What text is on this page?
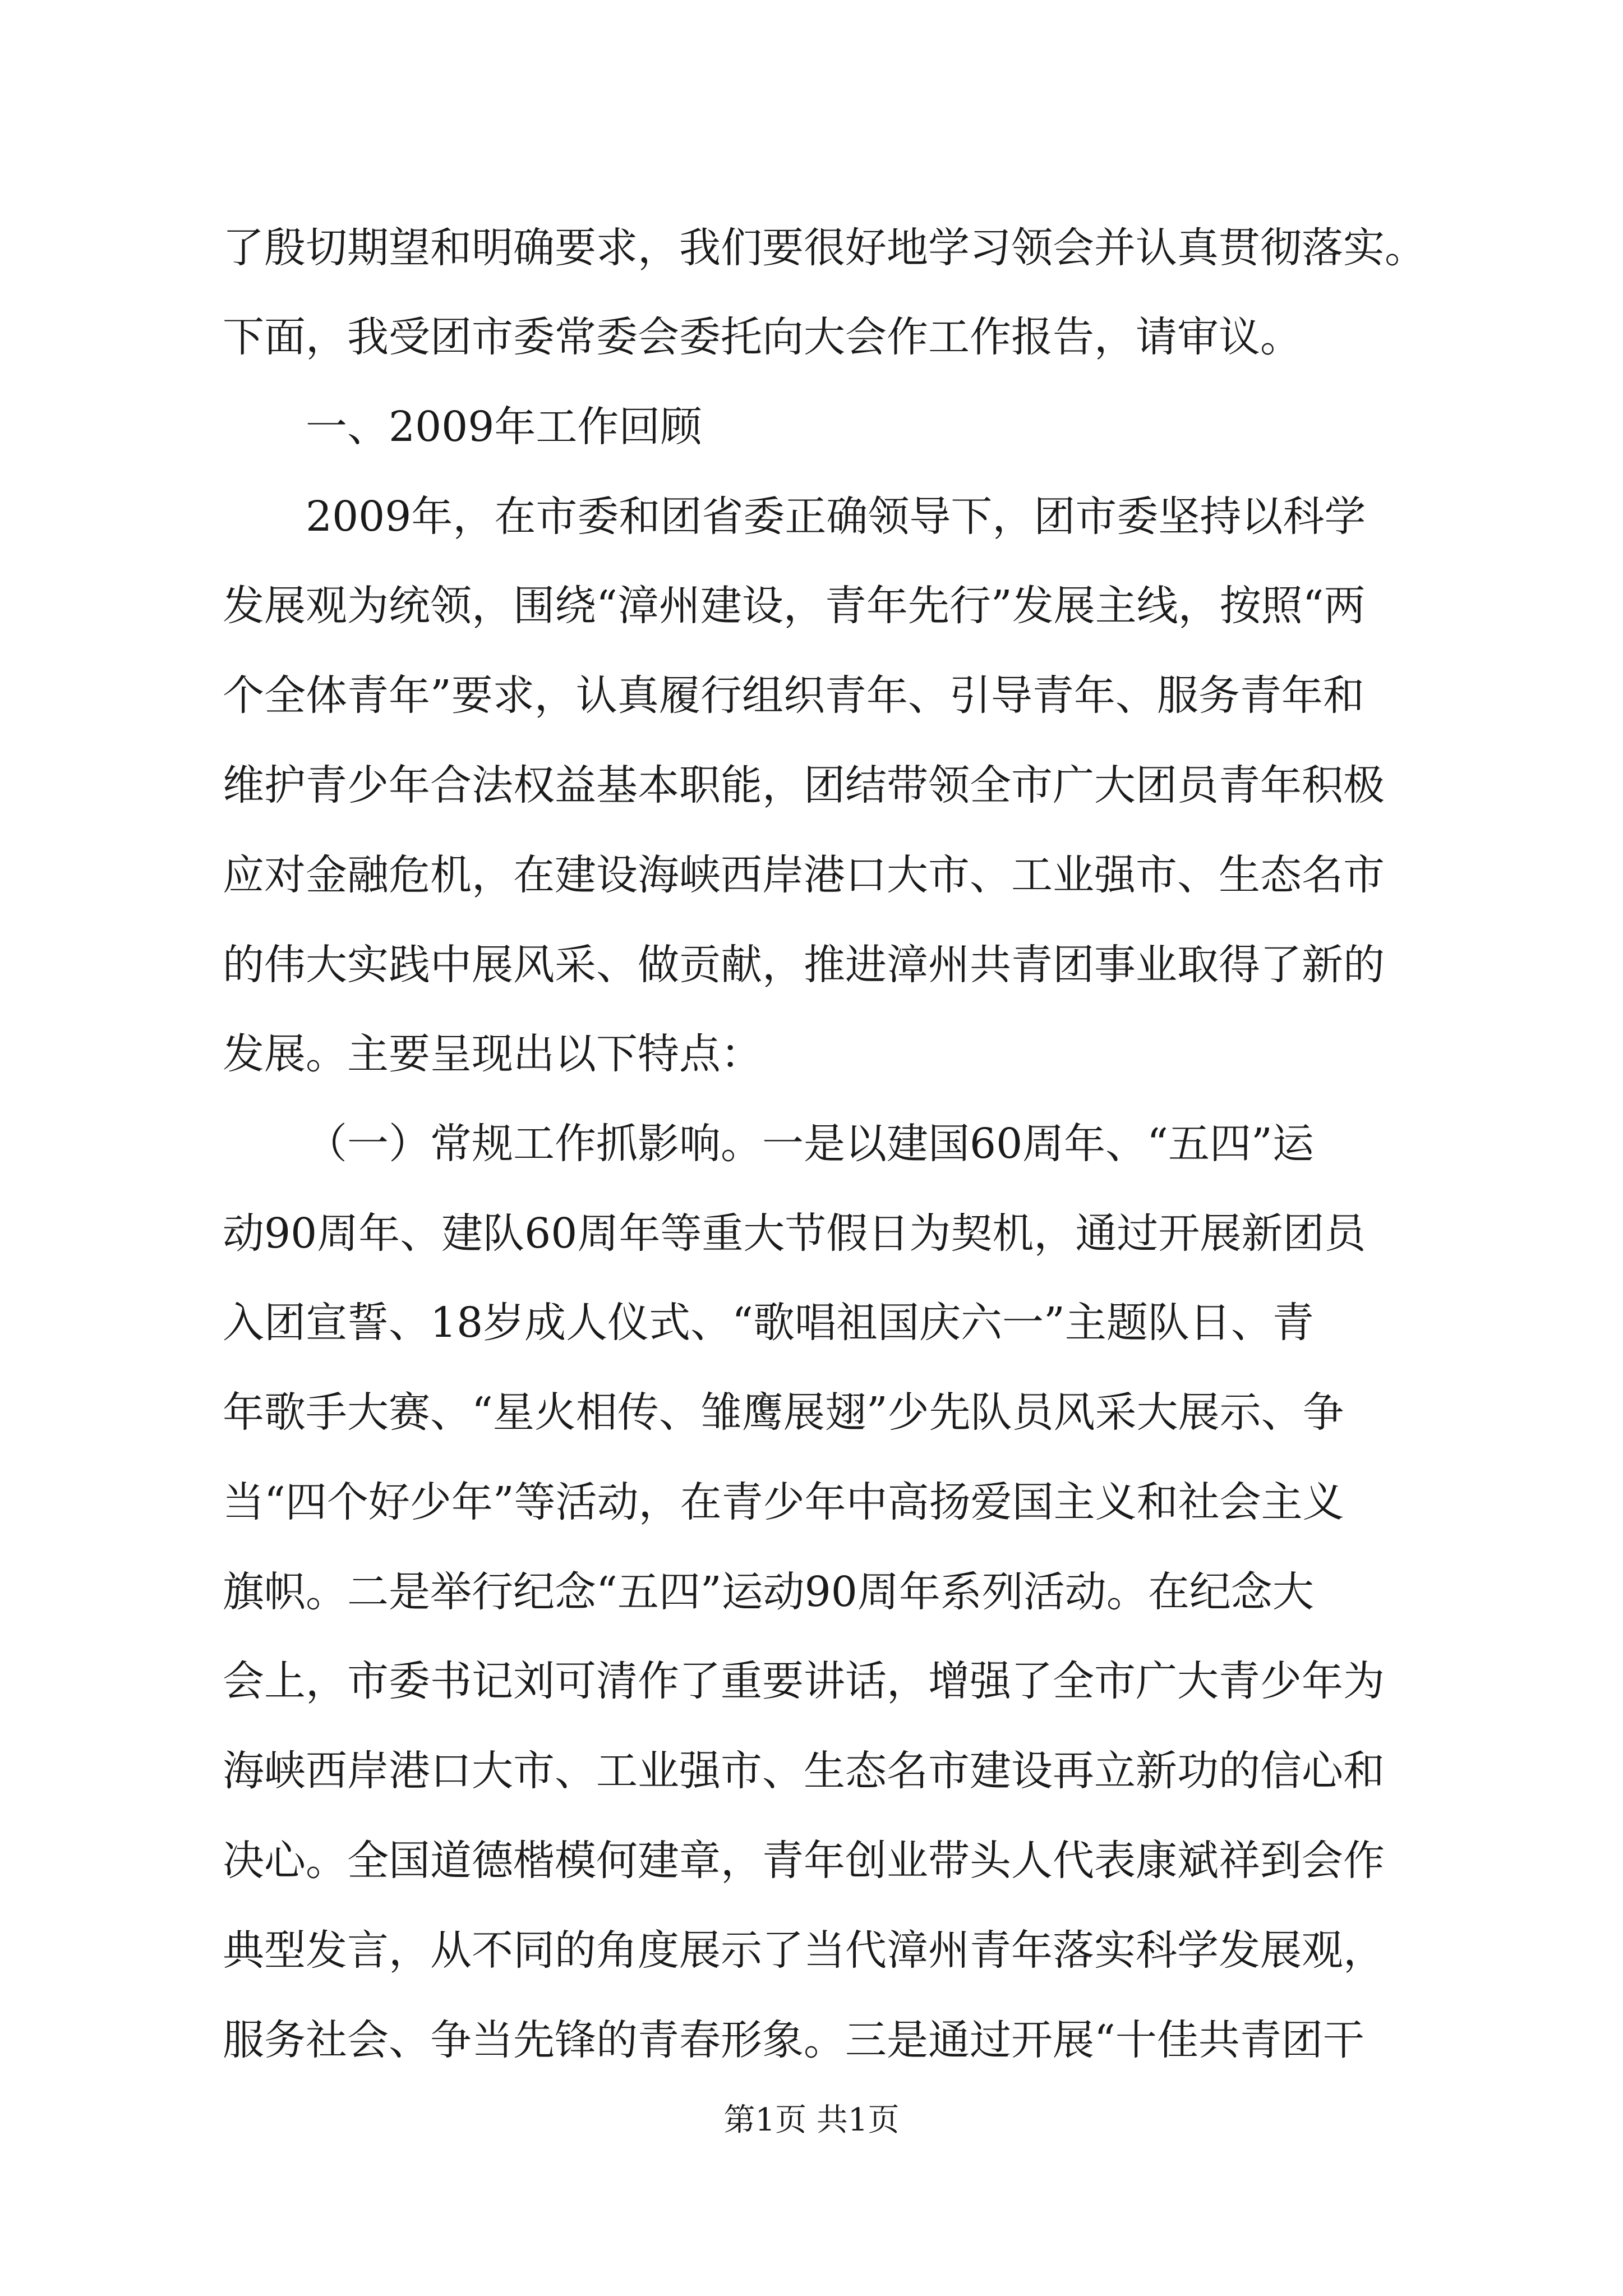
了殷切期望和明确要求，我们要很好地学习领会并认真贯彻落实。
下面，我受团市委常委会委托向大会作工作报告，请审议。
一、2009年工作回顾
2009年，在市委和团省委正确领导下，团市委坚持以科学
发展观为统领，围绕“漳州建设，青年先行”发展主线，按照“两
个全体青年”要求，认真履行组织青年、引导青年、服务青年和
维护青少年合法权益基本职能，团结带领全市广大团员青年积极
应对金融危机，在建设海峡西岸港口大市、工业强市、生态名市
的伟大实践中展风采、做贡献，推进漳州共青团事业取得了新的
发展。主要呈现出以下特点：
（一）常规工作抓影响。一是以建国60周年、“五四”运
动90周年、建队60周年等重大节假日为契机，通过开展新团员
入团宣誓、18岁成人仪式、“歌唱祖国庆六一”主题队日、青
年歌手大赛、“星火相传、雏鹰展翅”少先队员风采大展示、争
当“四个好少年”等活动，在青少年中高扬爱国主义和社会主义
旗帜。二是举行纪念“五四”运动90周年系列活动。在纪念大
会上，市委书记刘可清作了重要讲话，增强了全市广大青少年为
海峡西岸港口大市、工业强市、生态名市建设再立新功的信心和
决心。全国道德楷模何建章，青年创业带头人代表康斌祥到会作
典型发言，从不同的角度展示了当代漳州青年落实科学发展观，
服务社会、争当先锋的青春形象。三是通过开展“十佳共青团干
第1页 共1页
